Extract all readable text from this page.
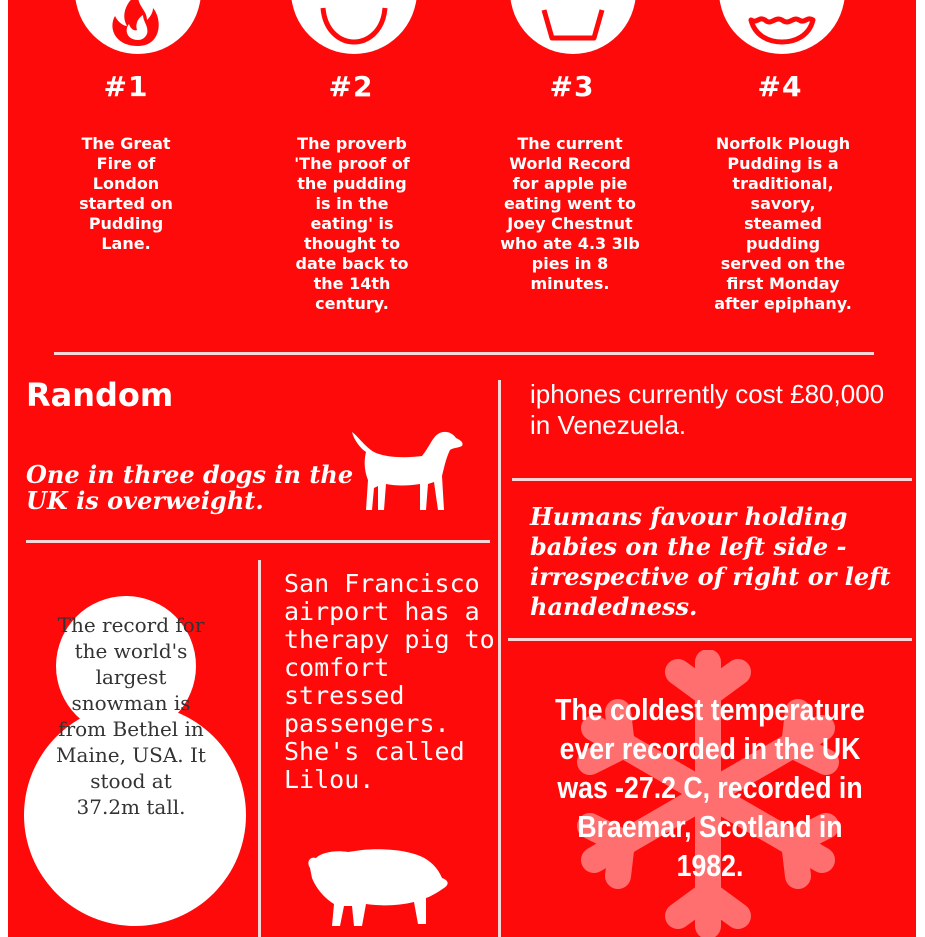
#1	#2	#3	#4
The Great
Fire of
London
started on
Pudding
Lane.
The proverb
'The proof of
the pudding
is in the
eating' is
thought to
date back to
the 14th
century.
The current
World Record
for apple pie
eating went to
Joey Chestnut
who ate 4.3 3lb
pies in 8
minutes.
Norfolk Plough
Pudding is a
traditional,
savory,
steamed
pudding
served on the
first Monday
after epiphany.
Random
One in three dogs in the UK is overweight.
iphones currently cost £80,000 in Venezuela.
Humans favour holding babies on the left side - irrespective of right or left handedness.
The record for the world's largest snowman is from Bethel in Maine, USA. It stood at 37.2m tall.
San Francisco airport has a therapy pig to comfort stressed passengers. She's called Lilou.
The coldest temperature ever recorded in the UK was -27.2 C, recorded in Braemar, Scotland in 1982.
